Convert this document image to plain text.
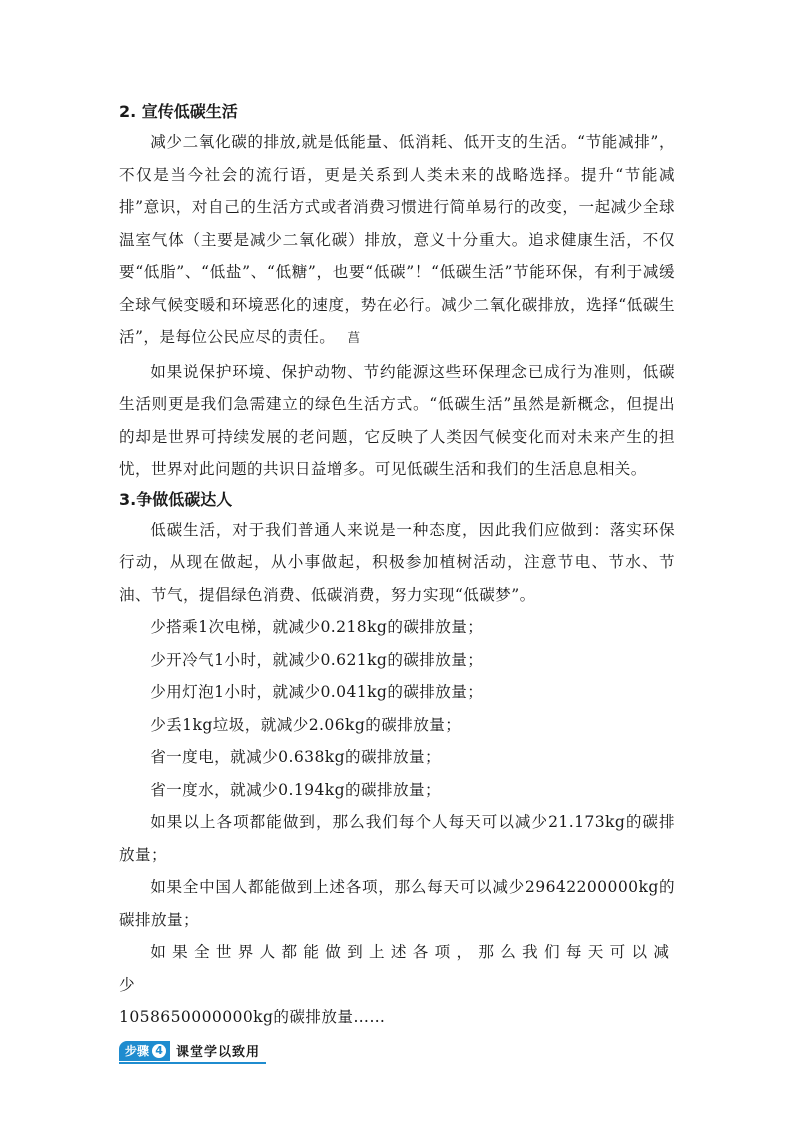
2. 宣传低碳生活

减少二氧化碳的排放,就是低能量、低消耗、低开支的生活。“节能减排”，不仅是当今社会的流行语，更是关系到人类未来的战略选择。提升“节能减排”意识，对自己的生活方式或者消费习惯进行简单易行的改变，一起减少全球温室气体（主要是减少二氧化碳）排放，意义十分重大。追求健康生活，不仅要“低脂”、“低盐”、“低糖”，也要“低碳”！“低碳生活”节能环保，有利于减缓全球气候变暖和环境恶化的速度，势在必行。减少二氧化碳排放，选择“低碳生活”，是每位公民应尽的责任。 菖

如果说保护环境、保护动物、节约能源这些环保理念已成行为准则，低碳生活则更是我们急需建立的绿色生活方式。“低碳生活”虽然是新概念，但提出的却是世界可持续发展的老问题，它反映了人类因气候变化而对未来产生的担忧，世界对此问题的共识日益增多。可见低碳生活和我们的生活息息相关。

3.争做低碳达人

低碳生活，对于我们普通人来说是一种态度，因此我们应做到：落实环保行动，从现在做起，从小事做起，积极参加植树活动，注意节电、节水、节油、节气，提倡绿色消费、低碳消费，努力实现“低碳梦”。

少搭乘1次电梯，就减少0.218kg的碳排放量；

少开冷气1小时，就减少0.621kg的碳排放量；

少用灯泡1小时，就减少0.041kg的碳排放量；

少丢1kg垃圾，就减少2.06kg的碳排放量；

省一度电，就减少0.638kg的碳排放量；

省一度水，就减少0.194kg的碳排放量；

如果以上各项都能做到，那么我们每个人每天可以减少21.173kg的碳排放量；

如果全中国人都能做到上述各项，那么每天可以减少29642200000kg的碳排放量；

如果全世界人都能做到上述各项，那么我们每天可以减少

1058650000000kg的碳排放量……

步骤 4	课堂学以致用
